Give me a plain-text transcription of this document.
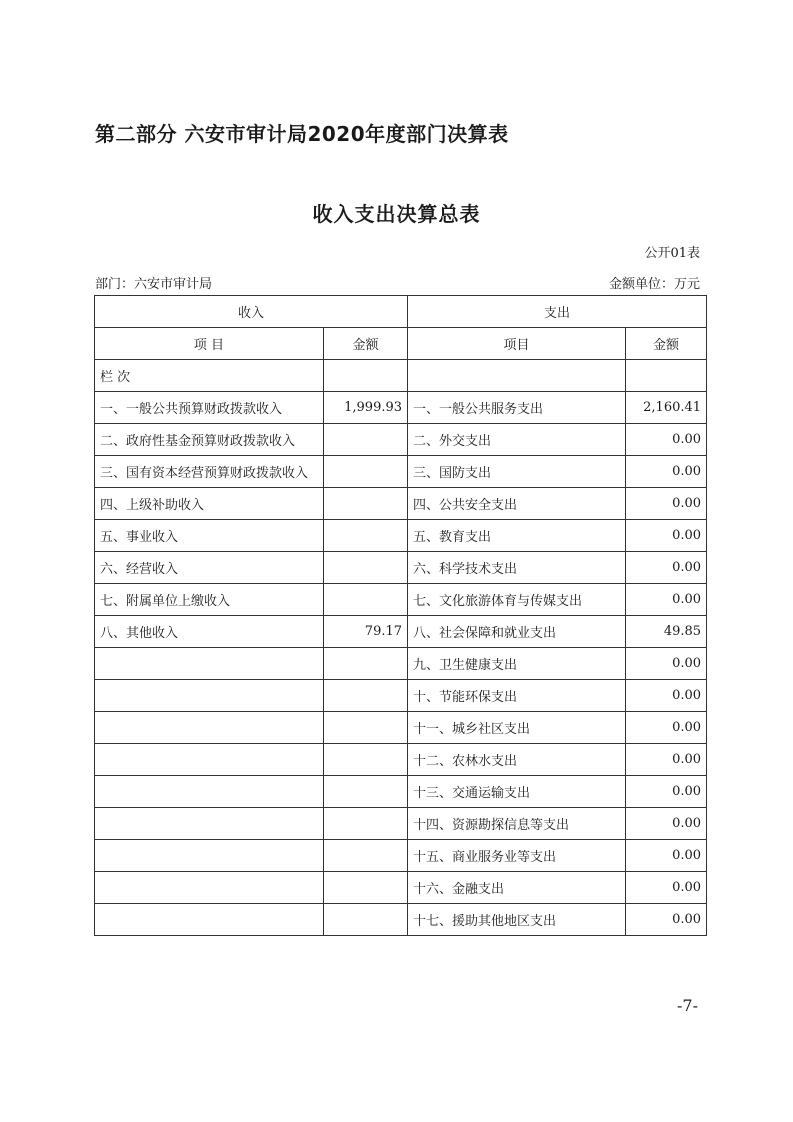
第二部分 六安市审计局2020年度部门决算表
收入支出决算总表
公开01表
部门：六安市审计局	金额单位：万元
收入		支出	
项 目	金额	项目	金额
栏 次			
一、一般公共预算财政拨款收入	1,999.93	一、一般公共服务支出	2,160.41
二、政府性基金预算财政拨款收入		二、外交支出	0.00
三、国有资本经营预算财政拨款收入		三、国防支出	0.00
四、上级补助收入		四、公共安全支出	0.00
五、事业收入		五、教育支出	0.00
六、经营收入		六、科学技术支出	0.00
七、附属单位上缴收入		七、文化旅游体育与传媒支出	0.00
八、其他收入	79.17	八、社会保障和就业支出	49.85
		九、卫生健康支出	0.00
		十、节能环保支出	0.00
		十一、城乡社区支出	0.00
		十二、农林水支出	0.00
		十三、交通运输支出	0.00
		十四、资源勘探信息等支出	0.00
		十五、商业服务业等支出	0.00
		十六、金融支出	0.00
		十七、援助其他地区支出	0.00
-7-
